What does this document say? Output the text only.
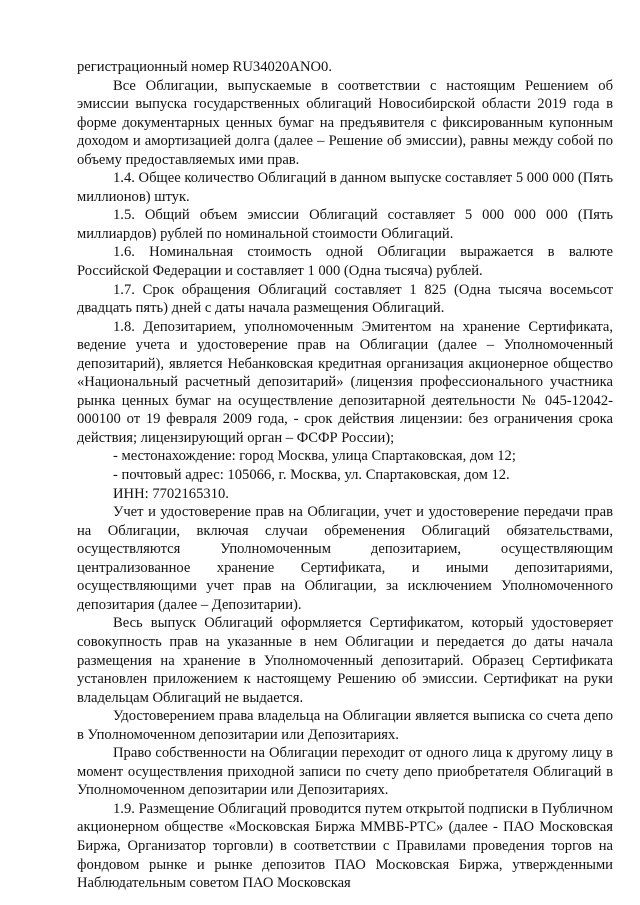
регистрационный номер RU34020ANO0.

Все Облигации, выпускаемые в соответствии с настоящим Решением об эмиссии выпуска государственных облигаций Новосибирской области 2019 года в форме документарных ценных бумаг на предъявителя с фиксированным купонным доходом и амортизацией долга (далее – Решение об эмиссии), равны между собой по объему предоставляемых ими прав.

1.4. Общее количество Облигаций в данном выпуске составляет 5 000 000 (Пять миллионов) штук.

1.5. Общий объем эмиссии Облигаций составляет 5 000 000 000 (Пять миллиардов) рублей по номинальной стоимости Облигаций.

1.6. Номинальная стоимость одной Облигации выражается в валюте Российской Федерации и составляет 1 000 (Одна тысяча) рублей.

1.7. Срок обращения Облигаций составляет 1 825 (Одна тысяча восемьсот двадцать пять) дней с даты начала размещения Облигаций.

1.8. Депозитарием, уполномоченным Эмитентом на хранение Сертификата, ведение учета и удостоверение прав на Облигации (далее – Уполномоченный депозитарий), является Небанковская кредитная организация акционерное общество «Национальный расчетный депозитарий» (лицензия профессионального участника рынка ценных бумаг на осуществление депозитарной деятельности № 045-12042-000100 от 19 февраля 2009 года, - срок действия лицензии: без ограничения срока действия; лицензирующий орган – ФСФР России);

- местонахождение: город Москва, улица Спартаковская, дом 12;

- почтовый адрес: 105066, г. Москва, ул. Спартаковская, дом 12.

ИНН: 7702165310.

Учет и удостоверение прав на Облигации, учет и удостоверение передачи прав на Облигации, включая случаи обременения Облигаций обязательствами, осуществляются Уполномоченным депозитарием, осуществляющим централизованное хранение Сертификата, и иными депозитариями, осуществляющими учет прав на Облигации, за исключением Уполномоченного депозитария (далее – Депозитарии).

Весь выпуск Облигаций оформляется Сертификатом, который удостоверяет совокупность прав на указанные в нем Облигации и передается до даты начала размещения на хранение в Уполномоченный депозитарий. Образец Сертификата установлен приложением к настоящему Решению об эмиссии. Сертификат на руки владельцам Облигаций не выдается.

Удостоверением права владельца на Облигации является выписка со счета депо в Уполномоченном депозитарии или Депозитариях.

Право собственности на Облигации переходит от одного лица к другому лицу в момент осуществления приходной записи по счету депо приобретателя Облигаций в Уполномоченном депозитарии или Депозитариях.

1.9. Размещение Облигаций проводится путем открытой подписки в Публичном акционерном обществе «Московская Биржа ММВБ-РТС» (далее - ПАО Московская Биржа, Организатор торговли) в соответствии с Правилами проведения торгов на фондовом рынке и рынке депозитов ПАО Московская Биржа, утвержденными Наблюдательным советом ПАО Московская
